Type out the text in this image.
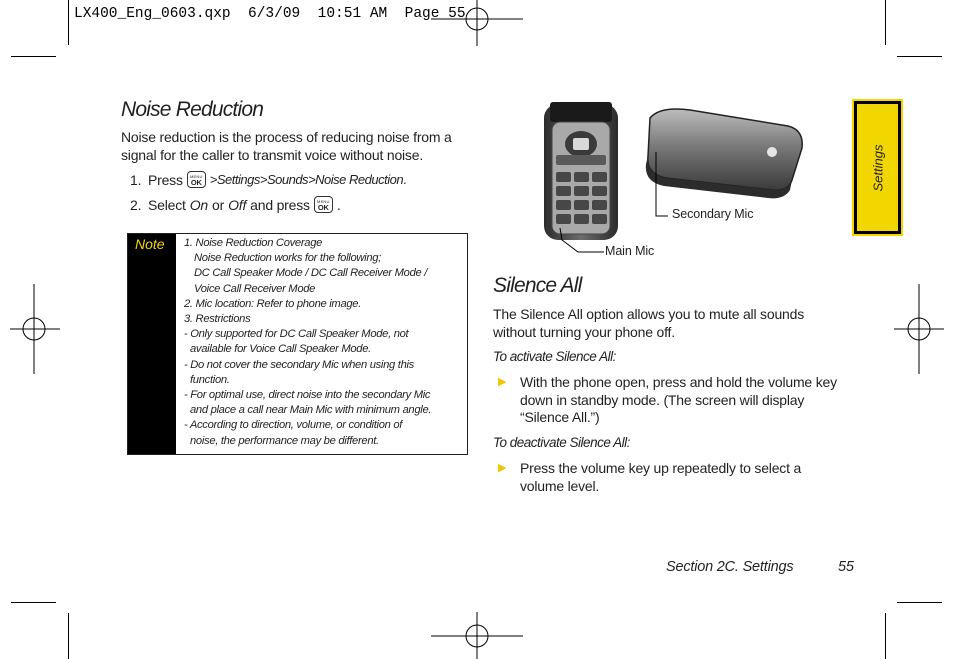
LX400_Eng_0603.qxp  6/3/09  10:51 AM  Page 55
Noise Reduction
Noise reduction is the process of reducing noise from a
signal for the caller to transmit voice without noise.
1. Press MENU
OK >Settings>Sounds>Noise Reduction.
2. Select On or Off and press MENU
OK .
Note 1. Noise Reduction Coverage
Noise Reduction works for the following;
DC Call Speaker Mode / DC Call Receiver Mode /
Voice Call Receiver Mode
2. Mic location: Refer to phone image.
3. Restrictions
- Only supported for DC Call Speaker Mode, not
available for Voice Call Speaker Mode.
- Do not cover the secondary Mic when using this
function.
- For optimal use, direct noise into the secondary Mic
and place a call near Main Mic with minimum angle.
- According to direction, volume, or condition of
noise, the performance may be different.
Main Mic
Secondary Mic
Silence All
The Silence All option allows you to mute all sounds
without turning your phone off.
To activate Silence All:
▶ With the phone open, press and hold the volume key
down in standby mode. (The screen will display
“Silence All.”)
To deactivate Silence All:
▶ Press the volume key up repeatedly to select a
volume level.
Settings
Section 2C. Settings	55
